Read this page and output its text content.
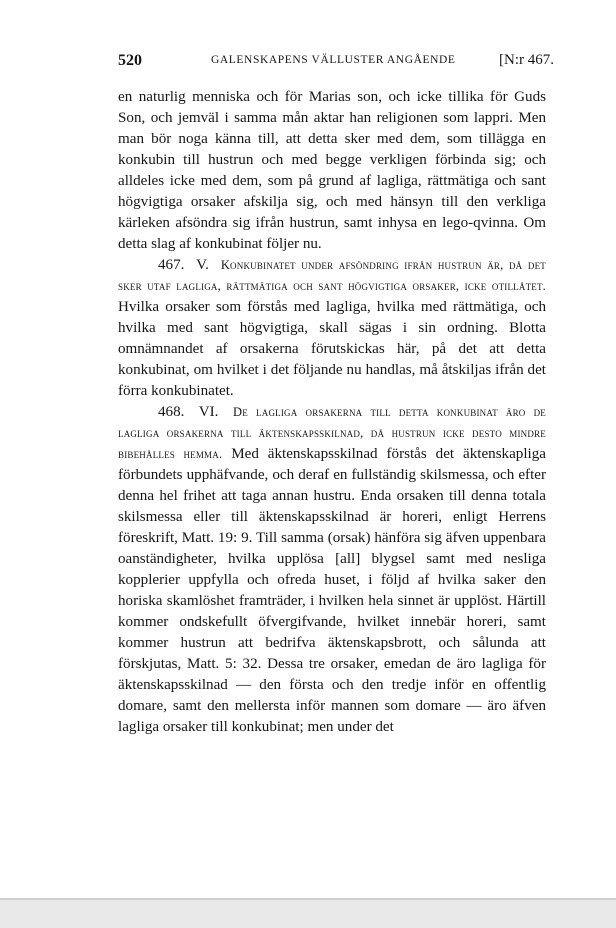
520	GALENSKAPENS VÄLLUSTER ANGÅENDE	[N:r 467.

en naturlig menniska och för Marias son, och icke tillika för Guds Son, och jemväl i samma mån aktar han religionen som lappri. Men man bör noga känna till, att detta sker med dem, som tillägga en konkubin till hustrun och med begge verkligen förbinda sig; och alldeles icke med dem, som på grund af lagliga, rättmätiga och sant högvigtiga orsaker afskilja sig, och med hänsyn till den verkliga kärleken afsöndra sig ifrån hustrun, samt inhysa en lego-qvinna. Om detta slag af konkubinat följer nu.

467. V. Konkubinatet under afsöndring ifrån hustrun är, då det sker utaf lagliga, rättmätiga och sant högvigtiga orsaker, icke otillåtet. Hvilka orsaker som förstås med lagliga, hvilka med rättmätiga, och hvilka med sant högvigtiga, skall sägas i sin ordning. Blotta omnämnandet af orsakerna förutskickas här, på det att detta konkubinat, om hvilket i det följande nu handlas, må åtskiljas ifrån det förra konkubinatet.

468. VI. De lagliga orsakerna till detta konkubinat äro de lagliga orsakerna till äktenskapsskilnad, då hustrun icke desto mindre bibehålles hemma. Med äktenskapsskilnad förstås det äktenskapliga förbundets upphäfvande, och deraf en fullständig skilsmessa, och efter denna hel frihet att taga annan hustru. Enda orsaken till denna totala skilsmessa eller till äktenskapsskilnad är horeri, enligt Herrens föreskrift, Matt. 19: 9. Till samma (orsak) hänföra sig äfven uppenbara oanständigheter, hvilka upplösa [all] blygsel samt med nesliga kopplerier uppfylla och ofreda huset, i följd af hvilka saker den horiska skamlöshet framträder, i hvilken hela sinnet är upplöst. Härtill kommer ondskefullt öfvergifvande, hvilket innebär horeri, samt kommer hustrun att bedrifva äktenskapsbrott, och sålunda att förskjutas, Matt. 5: 32. Dessa tre orsaker, emedan de äro lagliga för äktenskapsskilnad — den första och den tredje inför en offentlig domare, samt den mellersta inför mannen som domare — äro äfven lagliga orsaker till konkubinat; men under det
